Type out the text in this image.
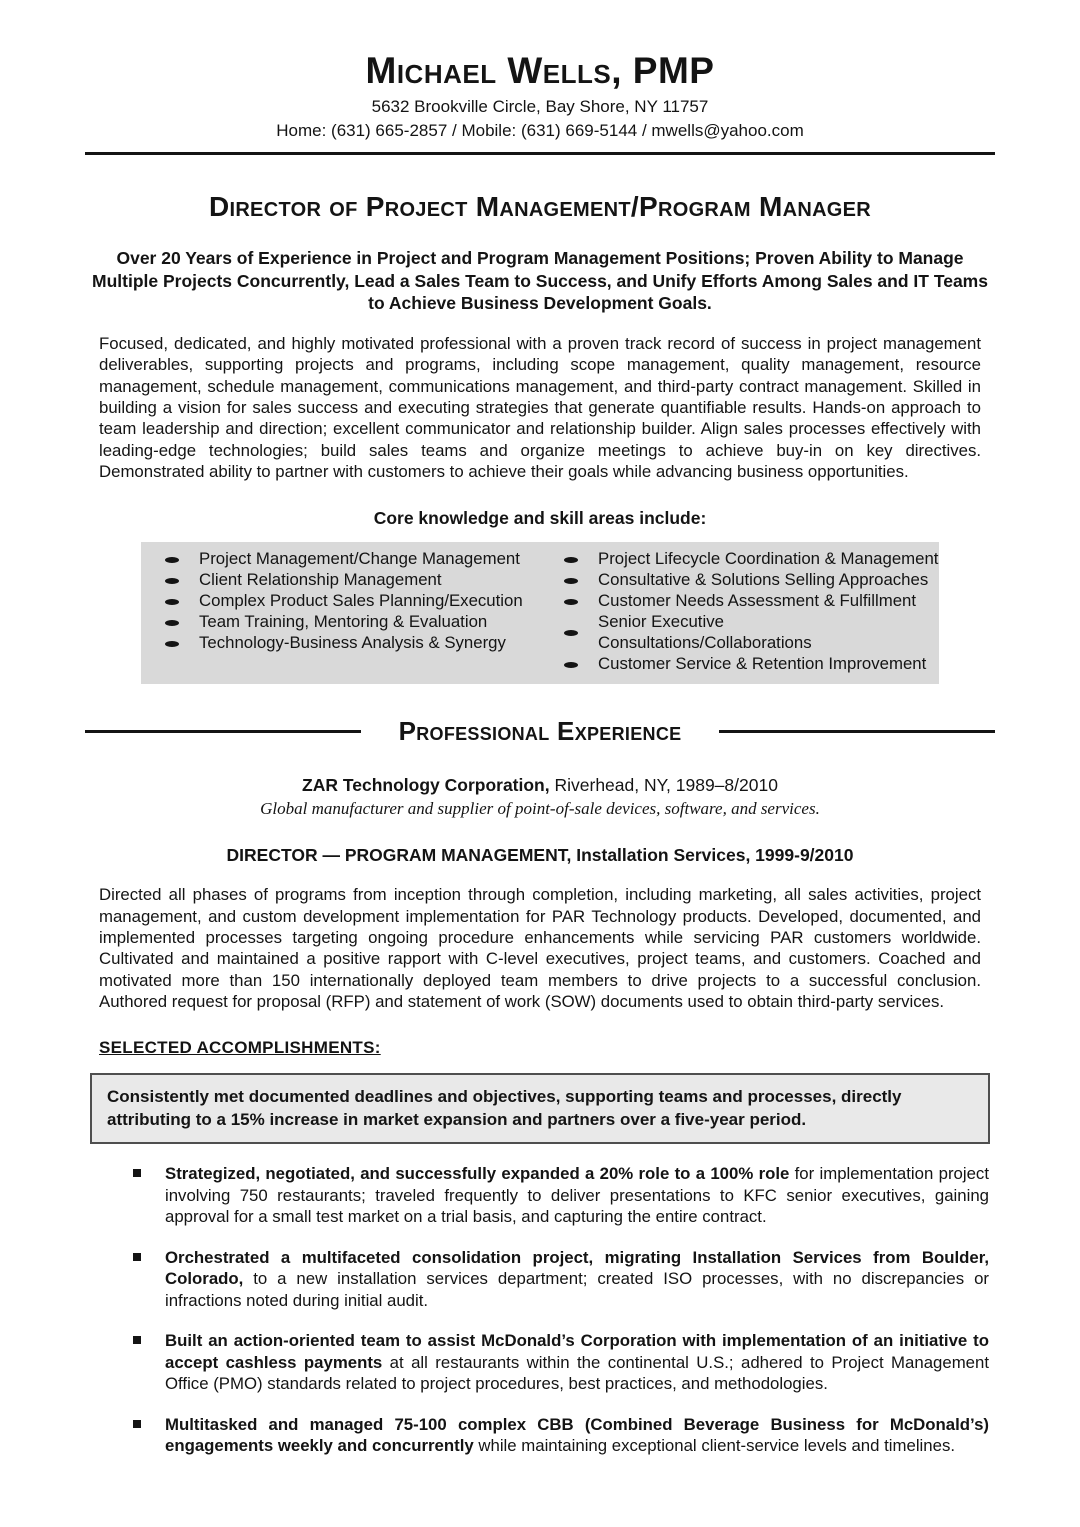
Michael Wells, PMP
5632 Brookville Circle, Bay Shore, NY 11757
Home: (631) 665-2857 / Mobile: (631) 669-5144 / mwells@yahoo.com
Director of Project Management/Program Manager
Over 20 Years of Experience in Project and Program Management Positions; Proven Ability to Manage Multiple Projects Concurrently, Lead a Sales Team to Success, and Unify Efforts Among Sales and IT Teams to Achieve Business Development Goals.
Focused, dedicated, and highly motivated professional with a proven track record of success in project management deliverables, supporting projects and programs, including scope management, quality management, resource management, schedule management, communications management, and third-party contract management. Skilled in building a vision for sales success and executing strategies that generate quantifiable results. Hands-on approach to team leadership and direction; excellent communicator and relationship builder. Align sales processes effectively with leading-edge technologies; build sales teams and organize meetings to achieve buy-in on key directives. Demonstrated ability to partner with customers to achieve their goals while advancing business opportunities.
Core knowledge and skill areas include:
Project Management/Change Management
Client Relationship Management
Complex Product Sales Planning/Execution
Team Training, Mentoring & Evaluation
Technology-Business Analysis & Synergy
Project Lifecycle Coordination & Management
Consultative & Solutions Selling Approaches
Customer Needs Assessment & Fulfillment
Senior Executive Consultations/Collaborations
Customer Service & Retention Improvement
Professional Experience
ZAR Technology Corporation, Riverhead, NY, 1989–8/2010
Global manufacturer and supplier of point-of-sale devices, software, and services.
DIRECTOR — PROGRAM MANAGEMENT, Installation Services, 1999-9/2010
Directed all phases of programs from inception through completion, including marketing, all sales activities, project management, and custom development implementation for PAR Technology products. Developed, documented, and implemented processes targeting ongoing procedure enhancements while servicing PAR customers worldwide. Cultivated and maintained a positive rapport with C-level executives, project teams, and customers. Coached and motivated more than 150 internationally deployed team members to drive projects to a successful conclusion. Authored request for proposal (RFP) and statement of work (SOW) documents used to obtain third-party services.
SELECTED ACCOMPLISHMENTS:
Consistently met documented deadlines and objectives, supporting teams and processes, directly attributing to a 15% increase in market expansion and partners over a five-year period.
Strategized, negotiated, and successfully expanded a 20% role to a 100% role for implementation project involving 750 restaurants; traveled frequently to deliver presentations to KFC senior executives, gaining approval for a small test market on a trial basis, and capturing the entire contract.
Orchestrated a multifaceted consolidation project, migrating Installation Services from Boulder, Colorado, to a new installation services department; created ISO processes, with no discrepancies or infractions noted during initial audit.
Built an action-oriented team to assist McDonald’s Corporation with implementation of an initiative to accept cashless payments at all restaurants within the continental U.S.; adhered to Project Management Office (PMO) standards related to project procedures, best practices, and methodologies.
Multitasked and managed 75-100 complex CBB (Combined Beverage Business for McDonald’s) engagements weekly and concurrently while maintaining exceptional client-service levels and timelines.
